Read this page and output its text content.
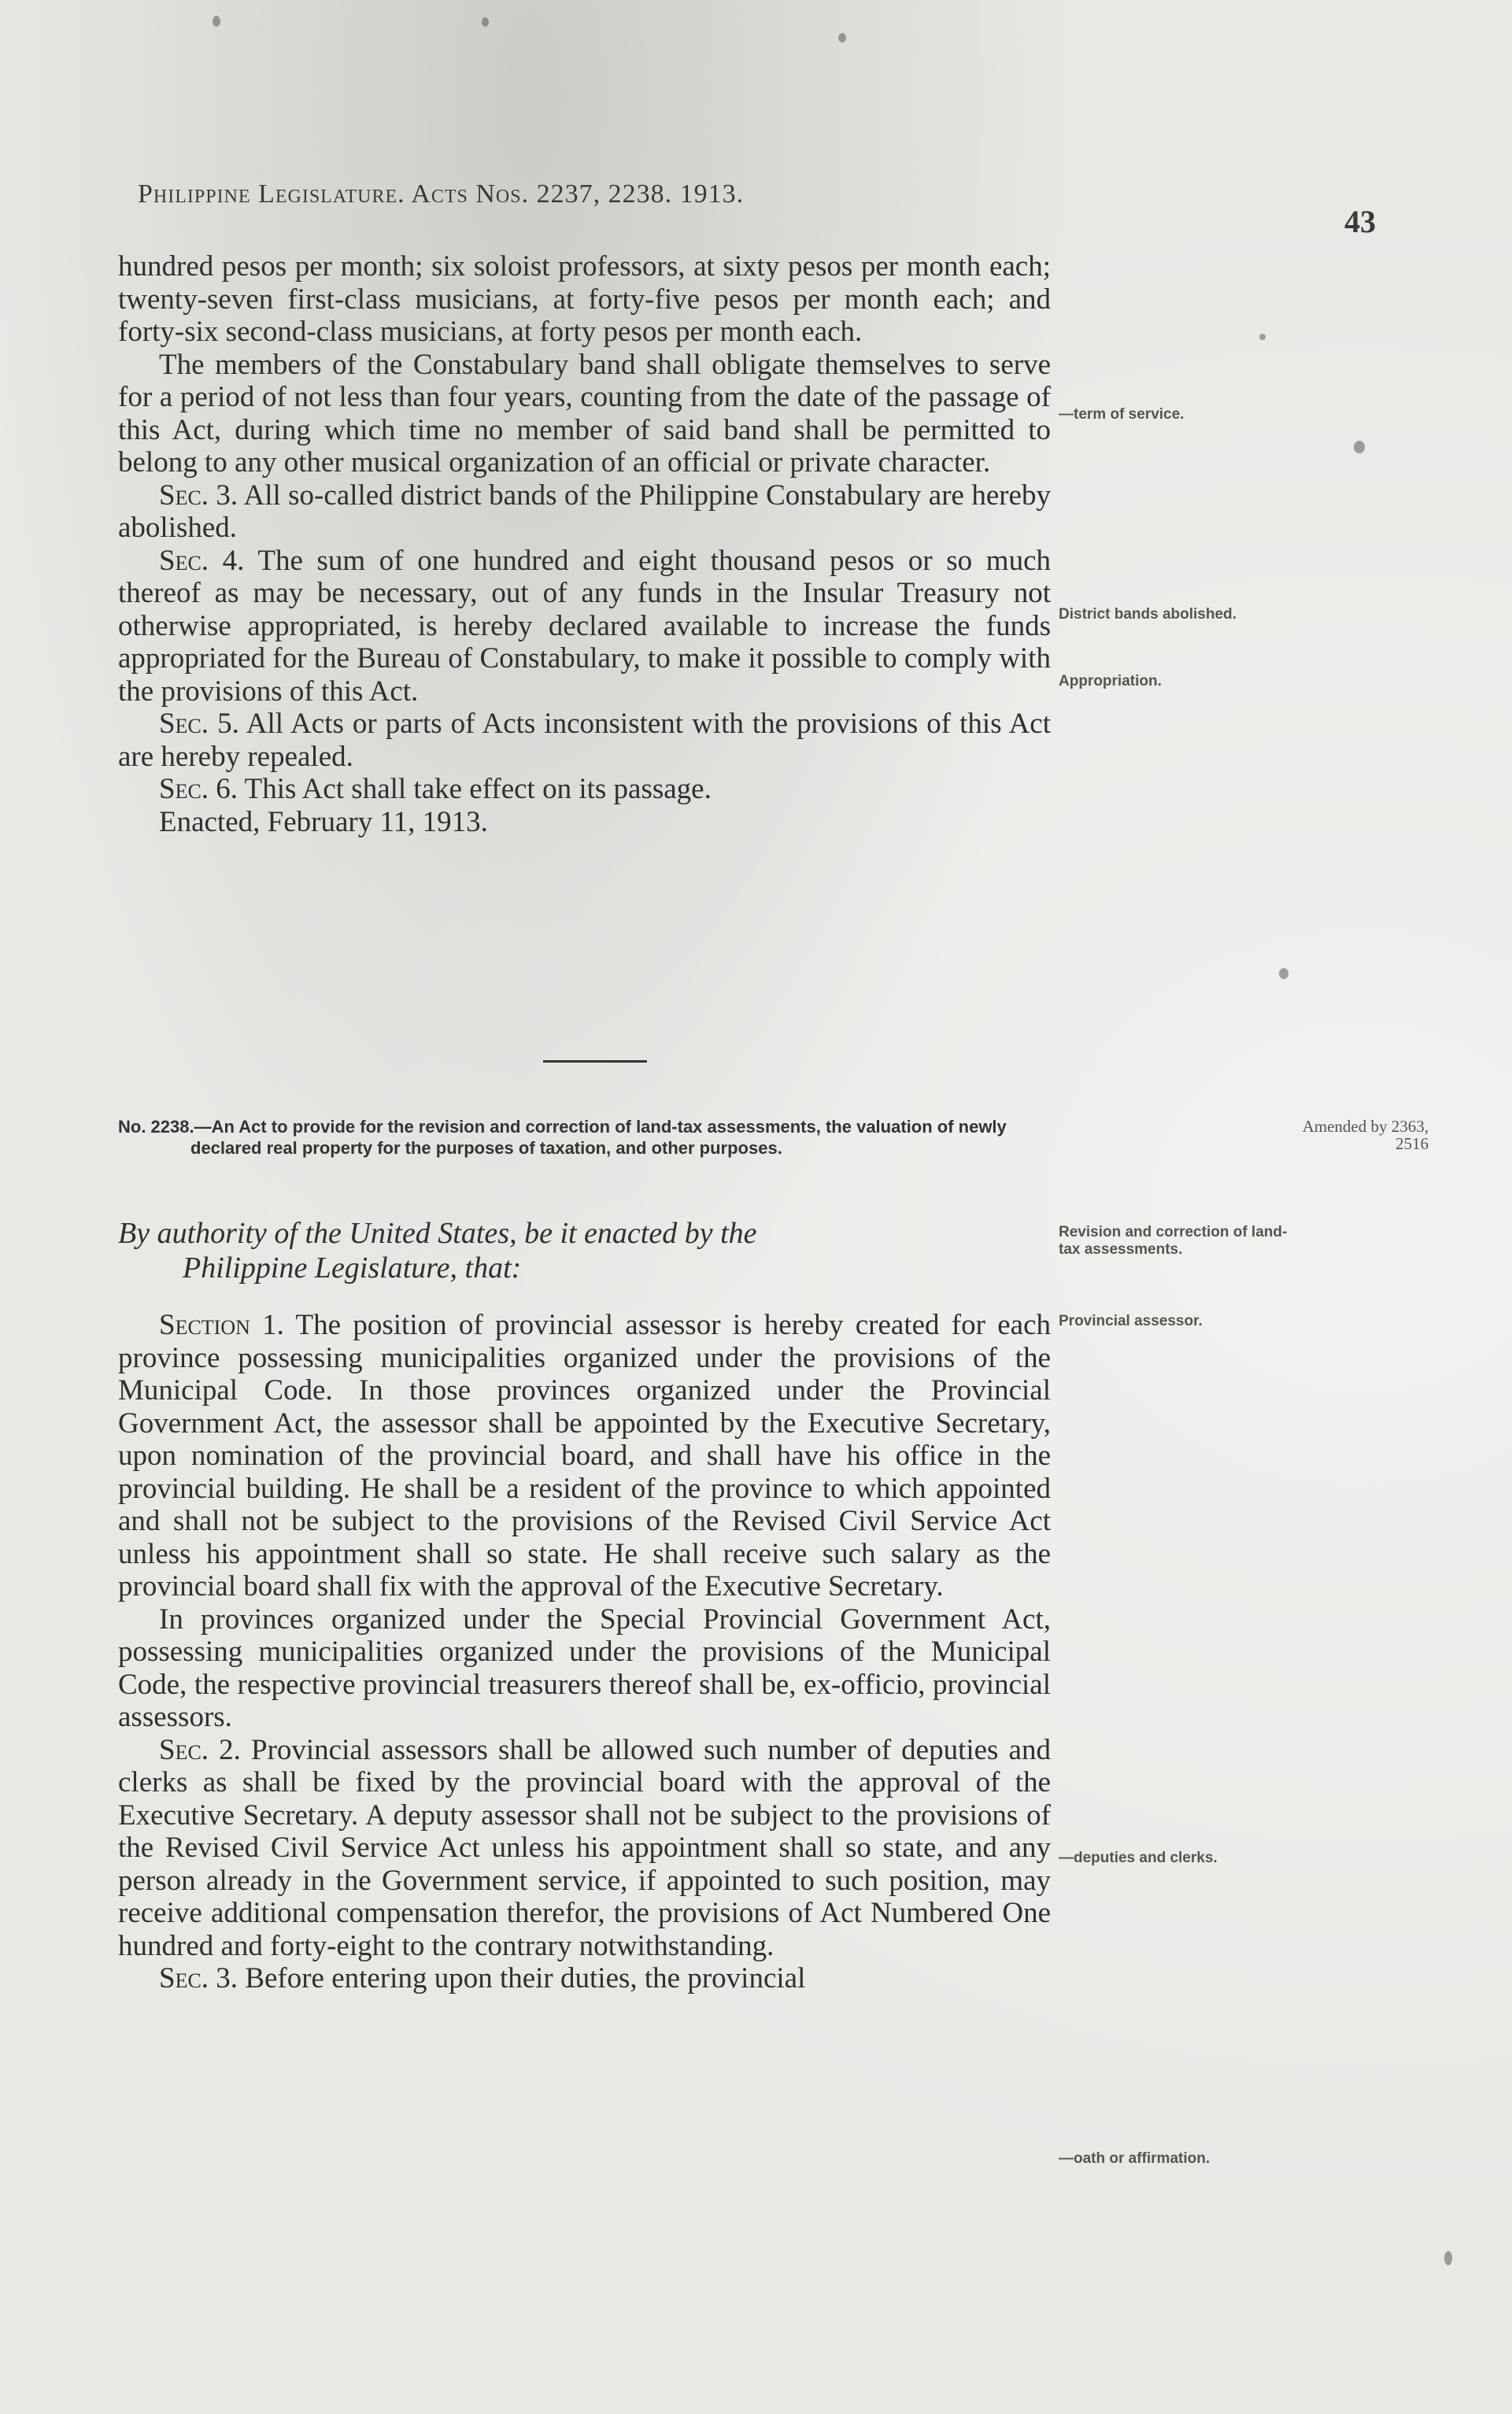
Philippine Legislature. Acts Nos. 2237, 2238. 1913.
43

hundred pesos per month; six soloist professors, at sixty pesos per month each; twenty-seven first-class musicians, at forty-five pesos per month each; and forty-six second-class musicians, at forty pesos per month each.

The members of the Constabulary band shall obligate themselves to serve for a period of not less than four years, counting from the date of the passage of this Act, during which time no member of said band shall be permitted to belong to any other musical organization of an official or private character.

Sec. 3. All so-called district bands of the Philippine Constabulary are hereby abolished.

Sec. 4. The sum of one hundred and eight thousand pesos or so much thereof as may be necessary, out of any funds in the Insular Treasury not otherwise appropriated, is hereby declared available to increase the funds appropriated for the Bureau of Constabulary, to make it possible to comply with the provisions of this Act.

Sec. 5. All Acts or parts of Acts inconsistent with the provisions of this Act are hereby repealed.

Sec. 6. This Act shall take effect on its passage.

Enacted, February 11, 1913.

No. 2238.—An Act to provide for the revision and correction of land-tax assessments, the valuation of newly declared real property for the purposes of taxation, and other purposes.
By authority of the United States, be it enacted by the
Philippine Legislature, that:

Section 1. The position of provincial assessor is hereby created for each province possessing municipalities organized under the provisions of the Municipal Code. In those provinces organized under the Provincial Government Act, the assessor shall be appointed by the Executive Secretary, upon nomination of the provincial board, and shall have his office in the provincial building. He shall be a resident of the province to which appointed and shall not be subject to the provisions of the Revised Civil Service Act unless his appointment shall so state. He shall receive such salary as the provincial board shall fix with the approval of the Executive Secretary.

In provinces organized under the Special Provincial Government Act, possessing municipalities organized under the provisions of the Municipal Code, the respective provincial treasurers thereof shall be, ex-officio, provincial assessors.

Sec. 2. Provincial assessors shall be allowed such number of deputies and clerks as shall be fixed by the provincial board with the approval of the Executive Secretary. A deputy assessor shall not be subject to the provisions of the Revised Civil Service Act unless his appointment shall so state, and any person already in the Government service, if appointed to such position, may receive additional compensation therefor, the provisions of Act Numbered One hundred and forty-eight to the contrary notwithstanding.

Sec. 3. Before entering upon their duties, the provincial

—term of service.
District bands abolished.
Appropriation.
Amended by 2363, 2516
Revision and correction of land-tax assessments.
Provincial assessor.
—deputies and clerks.
—oath or affirmation.
